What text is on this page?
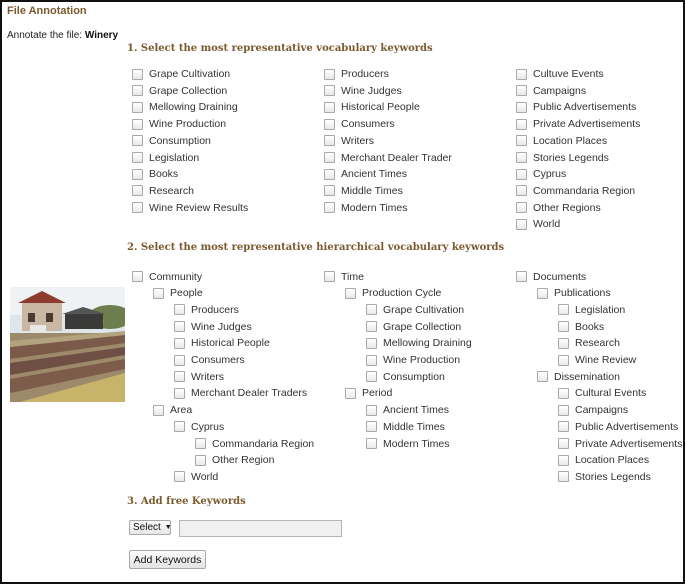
File Annotation
Annotate the file: Winery
1. Select the most representative vocabulary keywords
Grape Cultivation
Grape Collection
Mellowing Draining
Wine Production
Consumption
Legislation
Books
Research
Wine Review Results
Producers
Wine Judges
Historical People
Consumers
Writers
Merchant Dealer Trader
Ancient Times
Middle Times
Modern Times
Cultuve Events
Campaigns
Public Advertisements
Private Advertisements
Location Places
Stories Legends
Cyprus
Commandaria Region
Other Regions
World
2. Select the most representative hierarchical vocabulary keywords
Community
People
Producers
Wine Judges
Historical People
Consumers
Writers
Merchant Dealer Traders
Area
Cyprus
Commandaria Region
Other Region
World
Time
Production Cycle
Grape Cultivation
Grape Collection
Mellowing Draining
Wine Production
Consumption
Period
Ancient Times
Middle Times
Modern Times
Documents
Publications
Legislation
Books
Research
Wine Review
Dissemination
Cultural Events
Campaigns
Public Advertisements
Private Advertisements
Location Places
Stories Legends
3. Add free Keywords
Select ▼
Add Keywords
